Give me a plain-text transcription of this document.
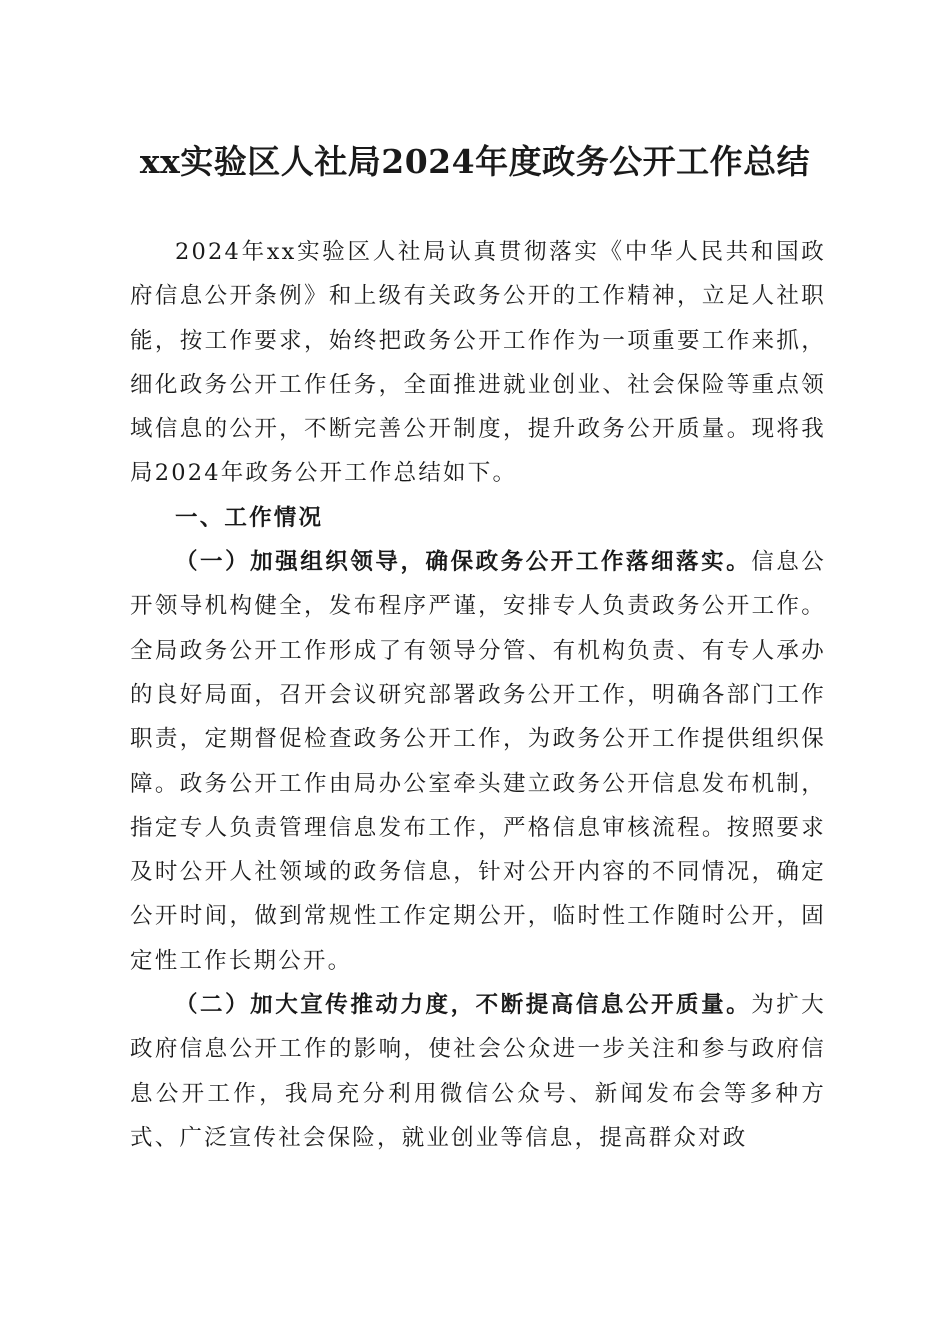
xx实验区人社局2024年度政务公开工作总结

2024年xx实验区人社局认真贯彻落实《中华人民共和国政府信息公开条例》和上级有关政务公开的工作精神，立足人社职能，按工作要求，始终把政务公开工作作为一项重要工作来抓，细化政务公开工作任务，全面推进就业创业、社会保险等重点领域信息的公开，不断完善公开制度，提升政务公开质量。现将我局2024年政务公开工作总结如下。

一、工作情况

（一）加强组织领导，确保政务公开工作落细落实。信息公开领导机构健全，发布程序严谨，安排专人负责政务公开工作。全局政务公开工作形成了有领导分管、有机构负责、有专人承办的良好局面，召开会议研究部署政务公开工作，明确各部门工作职责，定期督促检查政务公开工作，为政务公开工作提供组织保障。政务公开工作由局办公室牵头建立政务公开信息发布机制，指定专人负责管理信息发布工作，严格信息审核流程。按照要求及时公开人社领域的政务信息，针对公开内容的不同情况，确定公开时间，做到常规性工作定期公开，临时性工作随时公开，固定性工作长期公开。

（二）加大宣传推动力度，不断提高信息公开质量。为扩大政府信息公开工作的影响，使社会公众进一步关注和参与政府信息公开工作，我局充分利用微信公众号、新闻发布会等多种方式、广泛宣传社会保险，就业创业等信息，提高群众对政
